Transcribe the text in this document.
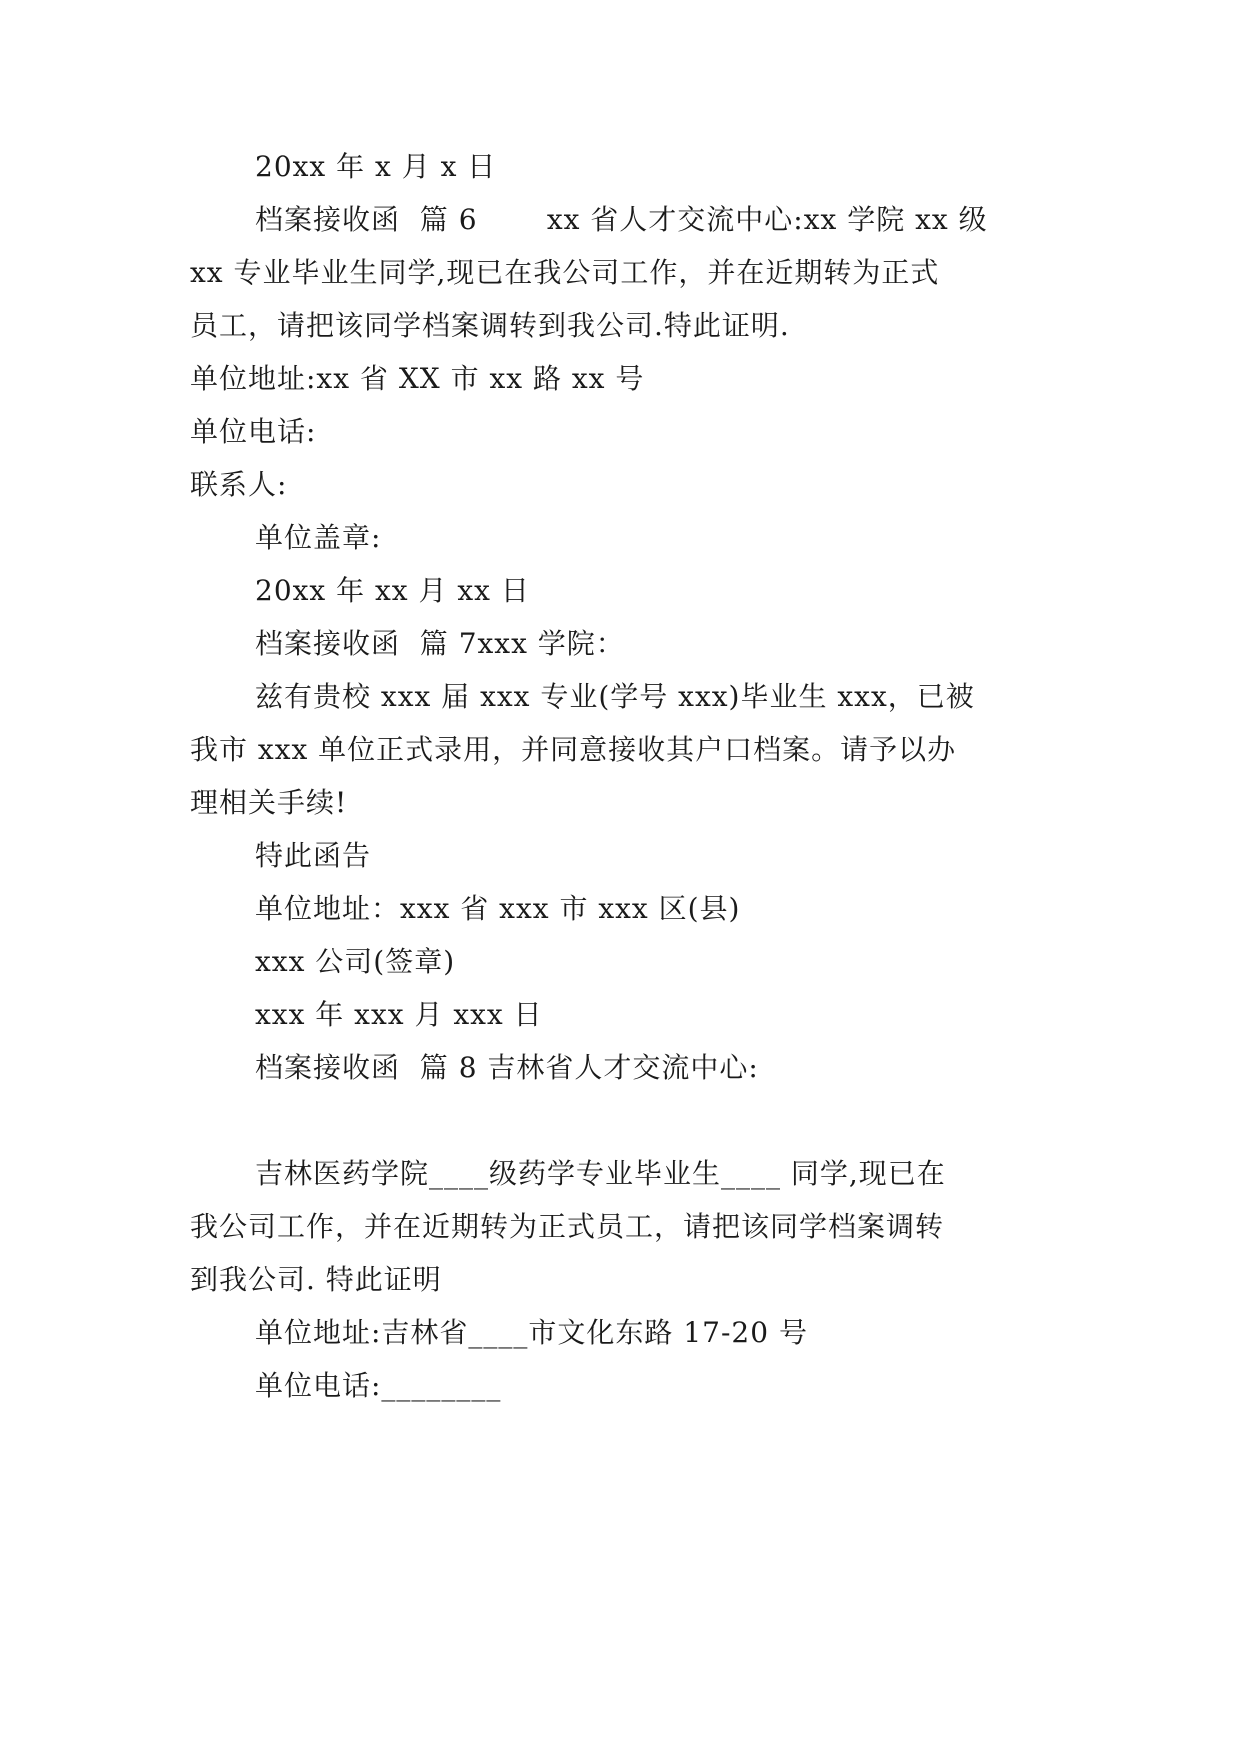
20xx 年 x 月 x 日
档案接收函  篇 6       xx 省人才交流中心:xx 学院 xx 级
xx 专业毕业生同学,现已在我公司工作，并在近期转为正式
员工，请把该同学档案调转到我公司.特此证明.
单位地址:xx 省 XX 市 xx 路 xx 号
单位电话:
联系人:
单位盖章:
20xx 年 xx 月 xx 日
档案接收函  篇 7xxx 学院：
兹有贵校 xxx 届 xxx 专业(学号 xxx)毕业生 xxx，已被
我市 xxx 单位正式录用，并同意接收其户口档案。请予以办
理相关手续!
特此函告
单位地址：xxx 省 xxx 市 xxx 区(县)
xxx 公司(签章)
xxx 年 xxx 月 xxx 日
档案接收函  篇 8 吉林省人才交流中心:
吉林医药学院____级药学专业毕业生____ 同学,现已在
我公司工作，并在近期转为正式员工，请把该同学档案调转
到我公司. 特此证明
单位地址:吉林省____市文化东路 17-20 号
单位电话:________
